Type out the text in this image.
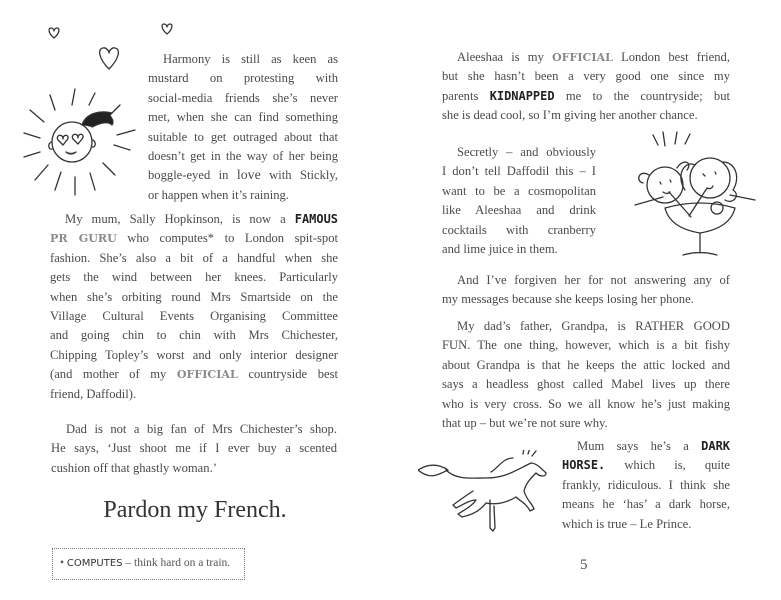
Pardon my French.
• COMPUTES – think hard on a train.
Harmony is still as keen as
mustard on protesting with
social-media friends she’s never
met, when she can find something
suitable to get outraged about that
doesn’t get in the way of her being
boggle-eyed in love with Stickly,
or happen when it’s raining.
My mum, Sally Hopkinson, is now a FAMOUS
PR GURU who computes* to London spit-spot
fashion. She’s also a bit of a handful when she
gets the wind between her knees. Particularly
when she’s orbiting round Mrs Smartside on the
Village Cultural Events Organising Committee
and going chin to chin with Mrs Chichester,
Chipping Topley’s worst and only interior designer
(and mother of my OFFICIAL countryside best
friend, Daffodil).
Dad is not a big fan of Mrs Chichester’s shop.
He says, ‘Just shoot me if I ever buy a scented
cushion off that ghastly woman.’
5
Aleeshaa is my OFFICIAL London best friend,
but she hasn’t been a very good one since my
parents KIDNAPPED me to the countryside; but
she is dead cool, so I’m giving her another chance.
Secretly – and obviously
I don’t tell Daffodil this – I
want to be a cosmopolitan
like Aleeshaa and drink
cocktails with cranberry
and lime juice in them.
And I’ve forgiven her for not answering any of
my messages because she keeps losing her phone.
My dad’s father, Grandpa, is RATHER GOOD
FUN. The one thing, however, which is a bit fishy
about Grandpa is that he keeps the attic locked and
says a headless ghost called Mabel lives up there
who is very cross. So we all know he’s just making
that up – but we’re not sure why.
Mum says he’s a DARK
HORSE. which is, quite
frankly, ridiculous. I think she
means he ‘has’ a dark horse,
which is true – Le Prince.
